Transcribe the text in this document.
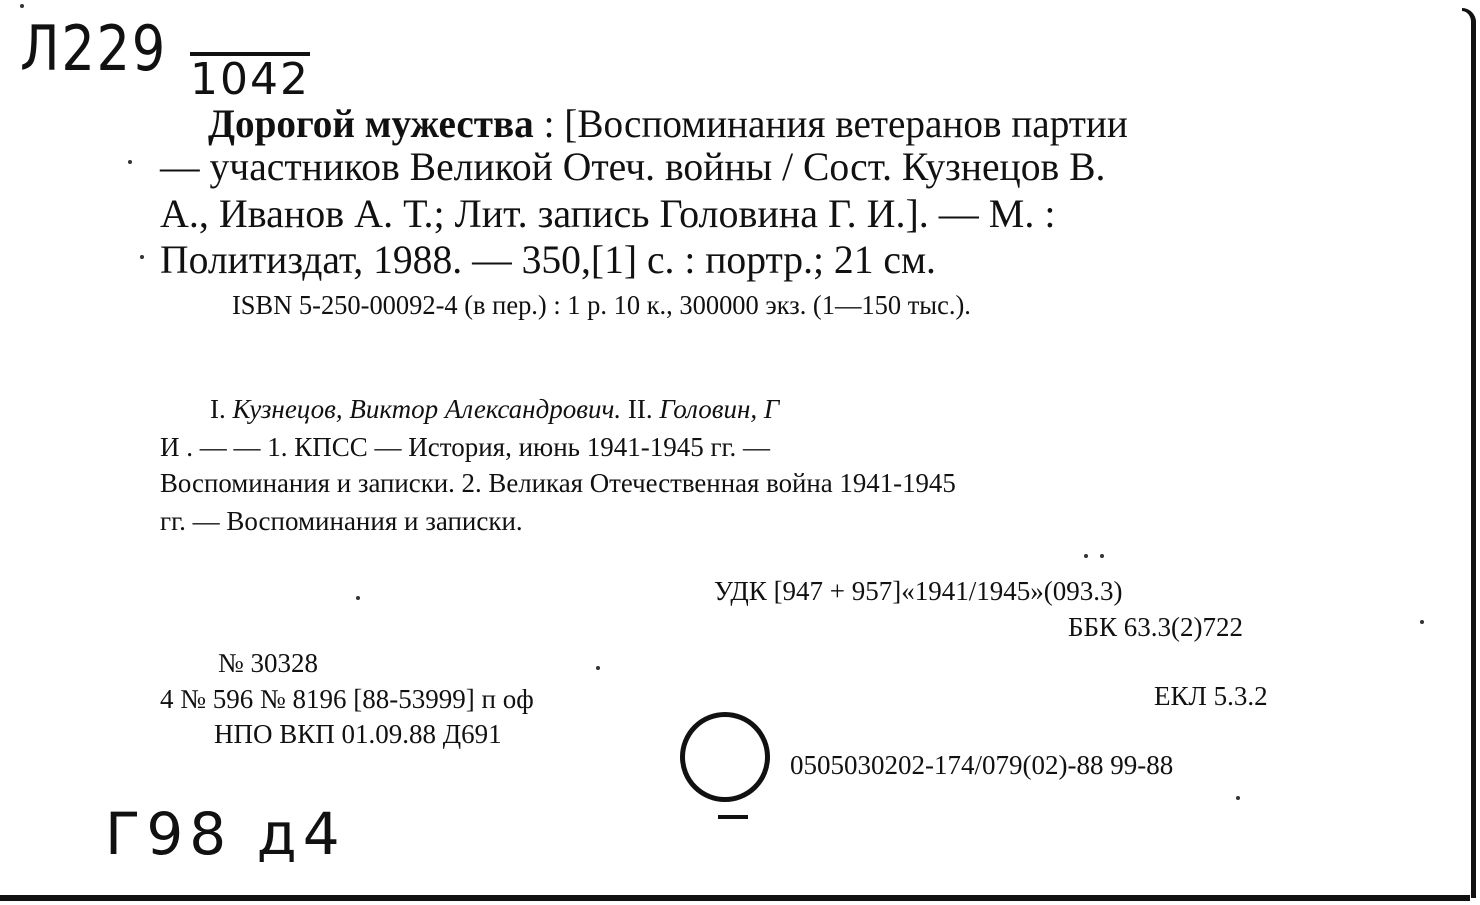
Л229 1042
Г98 д4
Дорогой мужества : [Воспоминания ветеранов партии
— участников Великой Отеч. войны / Сост. Кузнецов В.
А., Иванов А. Т.; Лит. запись Головина Г. И.]. — М. :
Политиздат, 1988. — 350,[1] с. : портр.; 21 см.
ISBN 5-250-00092-4 (в пер.) : 1 р. 10 к., 300000 экз. (1—150 тыс.).
I. Кузнецов, Виктор Александрович. II. Головин, Г
И . — — 1. КПСС — История, июнь 1941-1945 гг. —
Воспоминания и записки. 2. Великая Отечественная война 1941-1945
гг. — Воспоминания и записки.
УДК [947 + 957]«1941/1945»(093.3)
ББК 63.3(2)722
ЕКЛ 5.3.2
0505030202-174/079(02)-88 99-88
№ 30328
4 № 596 № 8196 [88-53999] п оф
НПО ВКП 01.09.88 Д691
